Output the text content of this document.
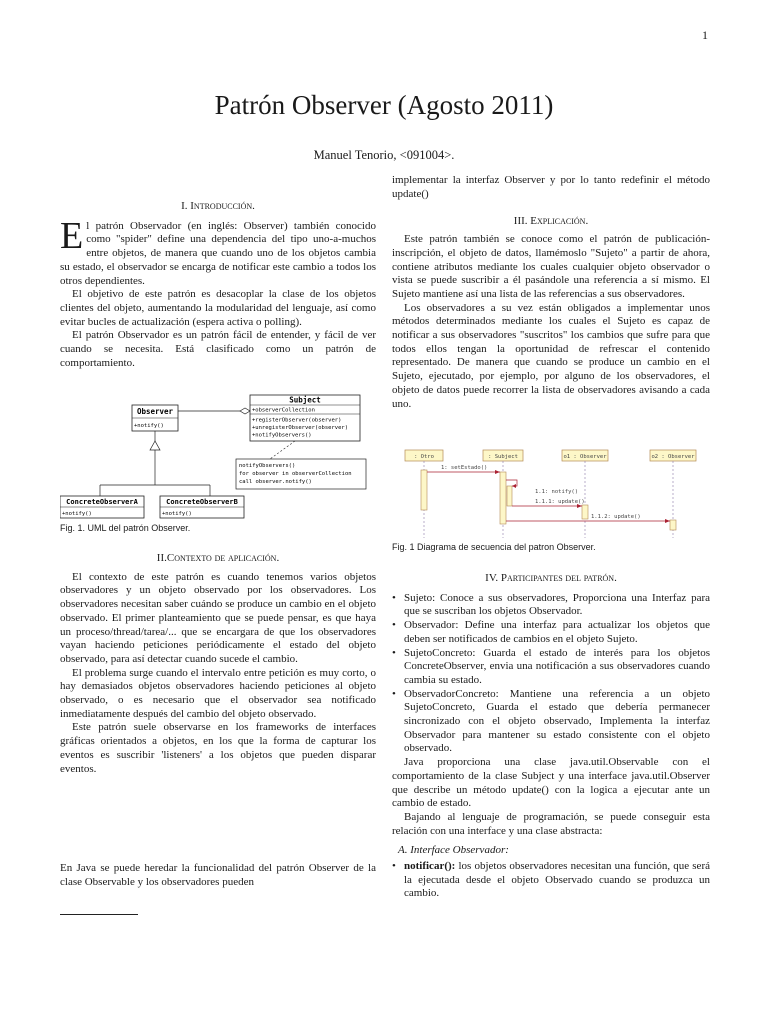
1
Patrón Observer (Agosto 2011)
Manuel Tenorio, <091004>.
I. Introducción.

El patrón Observador (en inglés: Observer) también conocido como "spider" define una dependencia del tipo uno-a-muchos entre objetos, de manera que cuando uno de los objetos cambia su estado, el observador se encarga de notificar este cambio a todos los otros dependientes.

El objetivo de este patrón es desacoplar la clase de los objetos clientes del objeto, aumentando la modularidad del lenguaje, así como evitar bucles de actualización (espera activa o polling).

El patrón Observador es un patrón fácil de entender, y fácil de ver cuando se necesita. Está clasificado como un patrón de comportamiento.

Observer
+notify()
Subject
+observerCollection
+registerObserver(observer)
+unregisterObserver(observer)
+notifyObservers()
notifyObservers()
for observer in observerCollection
call observer.notify()
ConcreteObserverA
+notify()
ConcreteObserverB
+notify()
Fig. 1. UML del patrón Observer.
II.Contexto de aplicación.

El contexto de este patrón es cuando tenemos varios objetos observadores y un objeto observado por los observadores. Los observadores necesitan saber cuándo se produce un cambio en el objeto observado. El primer planteamiento que se puede pensar, es que haya un proceso/thread/tarea/... que se encargara de que los observadores vayan haciendo peticiones periódicamente el estado del objeto observado, para así detectar cuando sucede el cambio.

El problema surge cuando el intervalo entre petición es muy corto, o hay demasiados objetos observadores haciendo peticiones al objeto observado, o es necesario que el observador sea notificado inmediatamente después del cambio del objeto observado.

Este patrón suele observarse en los frameworks de interfaces gráficas orientados a objetos, en los que la forma de capturar los eventos es suscribir 'listeners' a los objetos que pueden disparar eventos.

En Java se puede heredar la funcionalidad del patrón Observer de la clase Observable y los observadores pueden

implementar la interfaz Observer y por lo tanto redefinir el método update()

III. Explicación.

Este patrón también se conoce como el patrón de publicación-inscripción, el objeto de datos, llamémoslo "Sujeto" a partir de ahora, contiene atributos mediante los cuales cualquier objeto observador o vista se puede suscribir a él pasándole una referencia a sí mismo. El Sujeto mantiene así una lista de las referencias a sus observadores.

Los observadores a su vez están obligados a implementar unos métodos determinados mediante los cuales el Sujeto es capaz de notificar a sus observadores "suscritos" los cambios que sufre para que todos ellos tengan la oportunidad de refrescar el contenido representado. De manera que cuando se produce un cambio en el Sujeto, ejecutado, por ejemplo, por alguno de los observadores, el objeto de datos puede recorrer la lista de observadores avisando a cada uno.

: Otro	: Subject	o1 : Observer	o2 : Observer
1: setEstado()
1.1: notify()
1.1.1: update()
1.1.2: update()
Fig. 1 Diagrama de secuencia del patron Observer.
IV. Participantes del patrón.
• Sujeto: Conoce a sus observadores, Proporciona una Interfaz para que se suscriban los objetos Observador.
• Observador: Define una interfaz para actualizar los objetos que deben ser notificados de cambios en el objeto Sujeto.
• SujetoConcreto: Guarda el estado de interés para los objetos ConcreteObserver, envia una notificación a sus observadores cuando cambia su estado.
• ObservadorConcreto: Mantiene una referencia a un objeto SujetoConcreto, Guarda el estado que debería permanecer sincronizado con el objeto observado, Implementa la interfaz Observador para mantener su estado consistente con el objeto observado.

Java proporciona una clase java.util.Observable con el comportamiento de la clase Subject y una interface java.util.Observer que describe un método update() con la logica a ejecutar ante un cambio de estado.

Bajando al lenguaje de programación, se puede conseguir esta relación con una interface y una clase abstracta:

A. Interface Observador:
• notificar(): los objetos observadores necesitan una función, que será la ejecutada desde el objeto Observado cuando se produzca un cambio.
